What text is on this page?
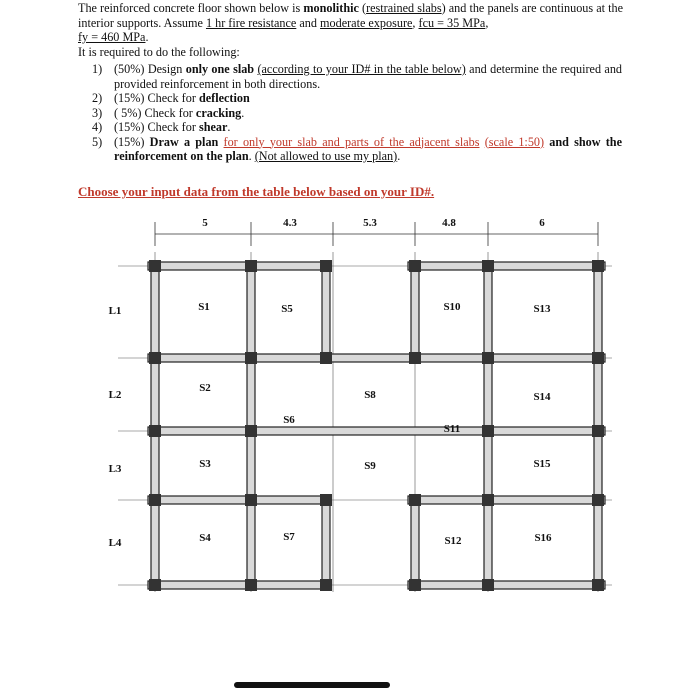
The reinforced concrete floor shown below is monolithic (restrained slabs) and the panels are continuous at the interior supports. Assume 1 hr fire resistance and moderate exposure, fcu = 35 MPa,
fy = 460 MPa.
It is required to do the following:
1) (50%) Design only one slab (according to your ID# in the table below) and determine the required and provided reinforcement in both directions.
2) (15%) Check for deflection
3) ( 5%) Check for cracking.
4) (15%) Check for shear.
5) (15%) Draw a plan for only your slab and parts of the adjacent slabs (scale 1:50) and show the reinforcement on the plan. (Not allowed to use my plan).
Choose your input data from the table below based on your ID#.
5	4.3	5.3	4.8	6
L1
L2
L3
L4
S1
S2
S3
S4
S5
S6
S7
S8
S9
S10
S11
S12
S13
S14
S15
S16
